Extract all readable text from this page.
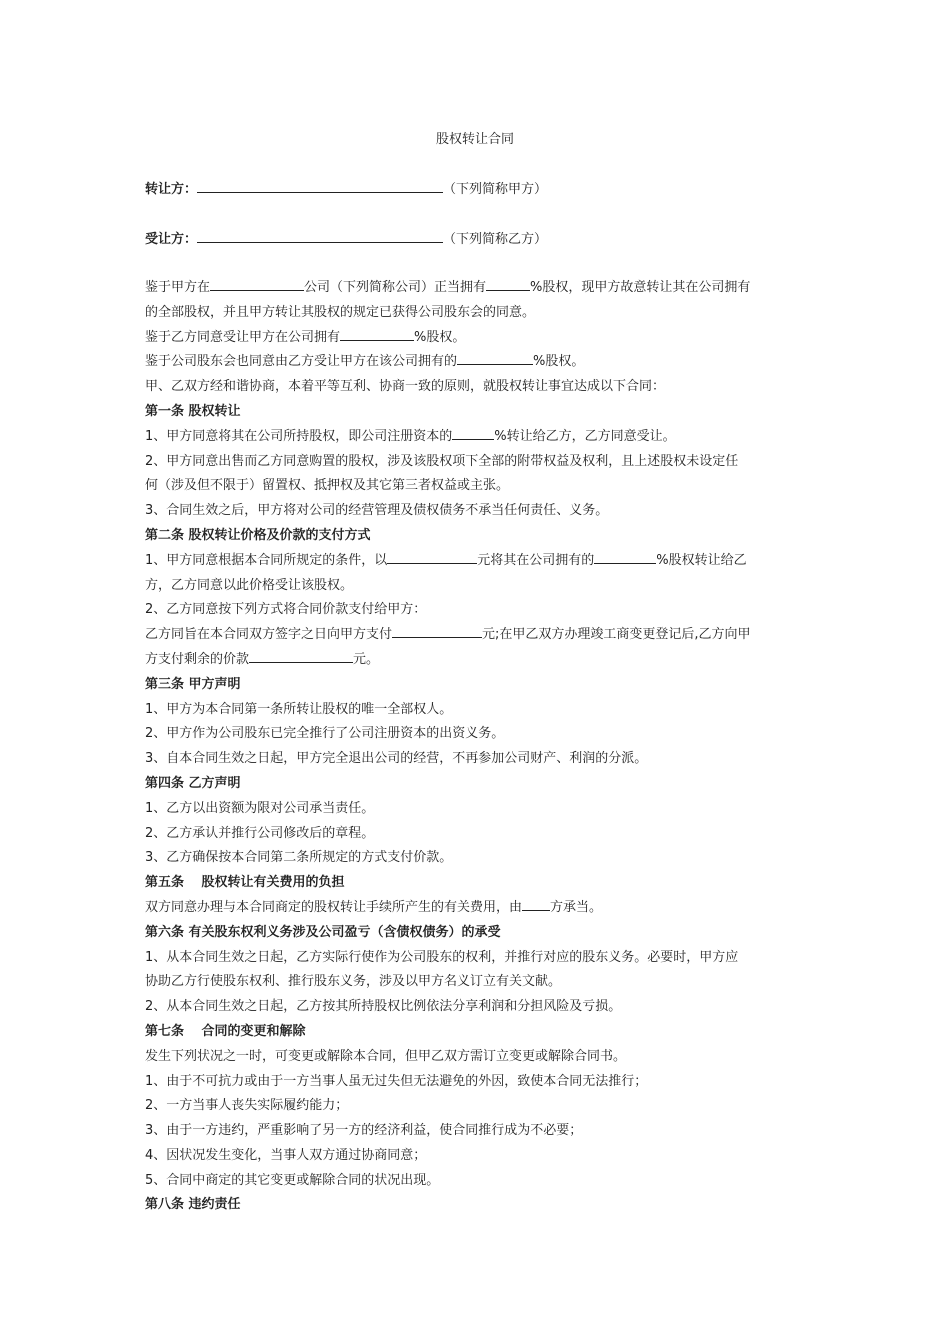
股权转让合同
转让方：	（下列简称甲方）
受让方：	（下列简称乙方）

鉴于甲方在	公司（下列简称公司）正当拥有	%股权，现甲方故意转让其在公司拥有

的全部股权，并且甲方转让其股权的规定已获得公司股东会的同意。

鉴于乙方同意受让甲方在公司拥有	%股权。

鉴于公司股东会也同意由乙方受让甲方在该公司拥有的	%股权。

甲、乙双方经和谐协商，本着平等互利、协商一致的原则，就股权转让事宜达成以下合同：

第一条 股权转让

1、甲方同意将其在公司所持股权，即公司注册资本的	%转让给乙方，乙方同意受让。

2、甲方同意出售而乙方同意购置的股权，涉及该股权项下全部的附带权益及权利，且上述股权未设定任

何（涉及但不限于）留置权、抵押权及其它第三者权益或主张。

3、合同生效之后，甲方将对公司的经营管理及债权债务不承当任何责任、义务。

第二条 股权转让价格及价款的支付方式

1、甲方同意根据本合同所规定的条件，以	元将其在公司拥有的	%股权转让给乙

方，乙方同意以此价格受让该股权。

2、乙方同意按下列方式将合同价款支付给甲方：

乙方同旨在本合同双方签字之日向甲方支付	元;在甲乙双方办理竣工商变更登记后,乙方向甲

方支付剩余的价款	元。

第三条 甲方声明

1、甲方为本合同第一条所转让股权的唯一全部权人。

2、甲方作为公司股东已完全推行了公司注册资本的出资义务。

3、自本合同生效之日起，甲方完全退出公司的经营，不再参加公司财产、利润的分派。

第四条 乙方声明

1、乙方以出资额为限对公司承当责任。

2、乙方承认并推行公司修改后的章程。

3、乙方确保按本合同第二条所规定的方式支付价款。

第五条　 股权转让有关费用的负担

双方同意办理与本合同商定的股权转让手续所产生的有关费用，由 方承当。

第六条 有关股东权利义务涉及公司盈亏（含债权债务）的承受

1、从本合同生效之日起，乙方实际行使作为公司股东的权利，并推行对应的股东义务。必要时，甲方应

协助乙方行使股东权利、推行股东义务，涉及以甲方名义订立有关文献。

2、从本合同生效之日起，乙方按其所持股权比例依法分享利润和分担风险及亏损。

第七条　 合同的变更和解除

发生下列状况之一时，可变更或解除本合同，但甲乙双方需订立变更或解除合同书。

1、由于不可抗力或由于一方当事人虽无过失但无法避免的外因，致使本合同无法推行；

2、一方当事人丧失实际履约能力；

3、由于一方违约，严重影响了另一方的经济利益，使合同推行成为不必要；

4、因状况发生变化，当事人双方通过协商同意；

5、合同中商定的其它变更或解除合同的状况出现。

第八条 违约责任
